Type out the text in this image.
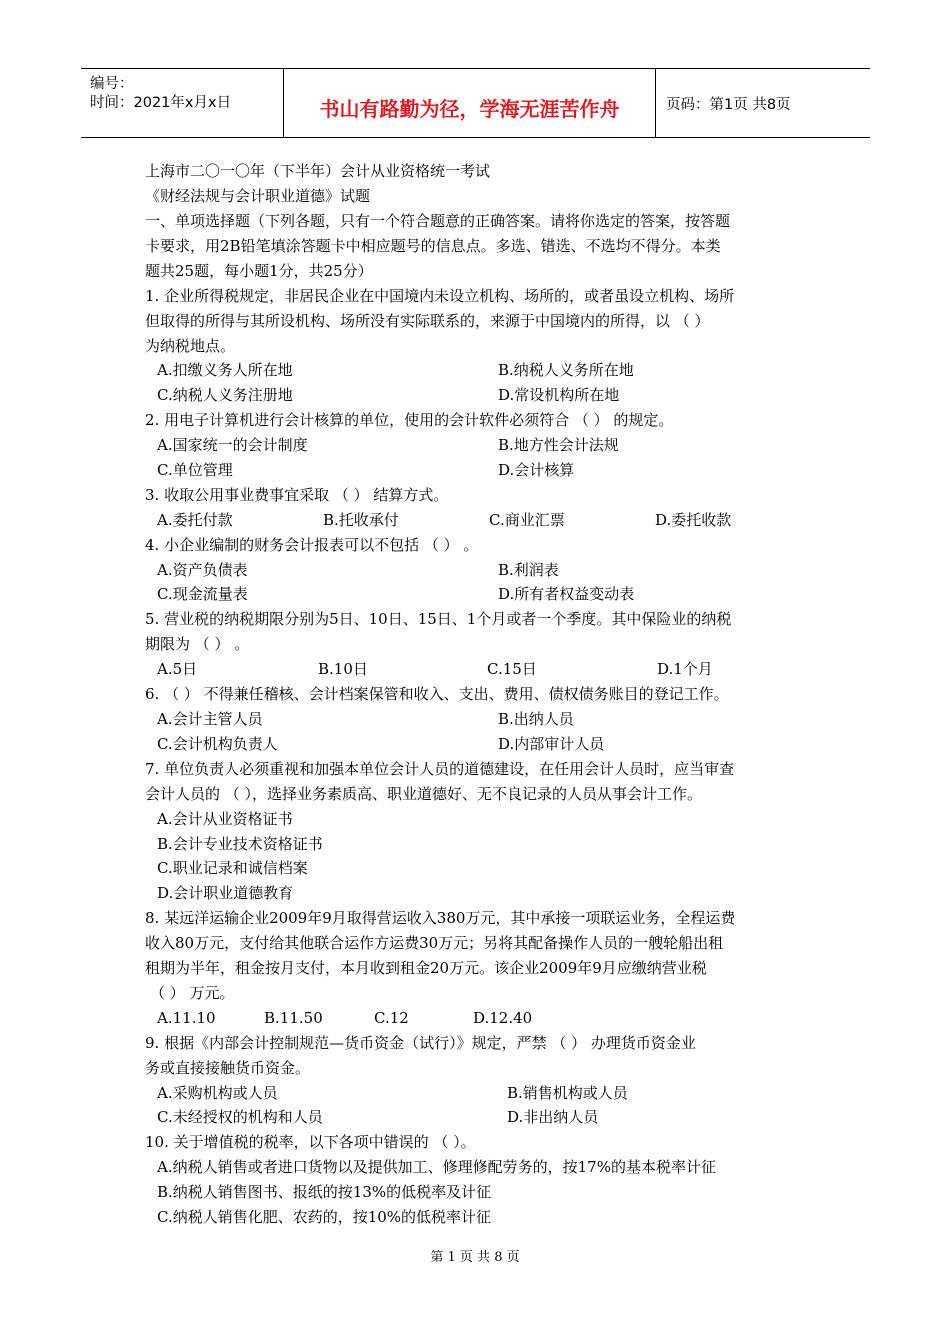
编号：
时间：2021年x月x日	书山有路勤为径，学海无涯苦作舟	页码：第1页 共8页
上海市二〇一〇年（下半年）会计从业资格统一考试
《财经法规与会计职业道德》试题
一、单项选择题（下列各题，只有一个符合题意的正确答案。请将你选定的答案，按答题
卡要求，用2B铅笔填涂答题卡中相应题号的信息点。多选、错选、不选均不得分。本类
题共25题，每小题1分，共25分）
1. 企业所得税规定，非居民企业在中国境内未设立机构、场所的，或者虽设立机构、场所
但取得的所得与其所设机构、场所没有实际联系的，来源于中国境内的所得，以 （ ）
为纳税地点。
A.扣缴义务人所在地	B.纳税人义务所在地
C.纳税人义务注册地	D.常设机构所在地
2. 用电子计算机进行会计核算的单位，使用的会计软件必须符合 （ ） 的规定。
A.国家统一的会计制度	B.地方性会计法规
C.单位管理	D.会计核算
3. 收取公用事业费事宜采取 （ ） 结算方式。
A.委托付款	B.托收承付	C.商业汇票	D.委托收款
4. 小企业编制的财务会计报表可以不包括 （ ） 。
A.资产负债表	B.利润表
C.现金流量表	D.所有者权益变动表
5. 营业税的纳税期限分别为5日、10日、15日、1个月或者一个季度。其中保险业的纳税
期限为 （ ） 。
A.5日	B.10日	C.15日	D.1个月
6. （ ） 不得兼任稽核、会计档案保管和收入、支出、费用、债权债务账目的登记工作。
A.会计主管人员	B.出纳人员
C.会计机构负责人	D.内部审计人员
7. 单位负责人必须重视和加强本单位会计人员的道德建设，在任用会计人员时，应当审查
会计人员的 （ ），选择业务素质高、职业道德好、无不良记录的人员从事会计工作。
A.会计从业资格证书
B.会计专业技术资格证书
C.职业记录和诚信档案
D.会计职业道德教育
8. 某远洋运输企业2009年9月取得营运收入380万元，其中承接一项联运业务，全程运费
收入80万元，支付给其他联合运作方运费30万元；另将其配备操作人员的一艘轮船出租
租期为半年，租金按月支付，本月收到租金20万元。该企业2009年9月应缴纳营业税
（ ） 万元。
A.11.10	B.11.50	C.12	D.12.40
9. 根据《内部会计控制规范—货币资金（试行）》规定，严禁 （ ） 办理货币资金业
务或直接接触货币资金。
A.采购机构或人员	B.销售机构或人员
C.未经授权的机构和人员	D.非出纳人员
10. 关于增值税的税率，以下各项中错误的 （ ）。
A.纳税人销售或者进口货物以及提供加工、修理修配劳务的，按17%的基本税率计征
B.纳税人销售图书、报纸的按13%的低税率及计征
C.纳税人销售化肥、农药的，按10%的低税率计征
第 1 页 共 8 页
